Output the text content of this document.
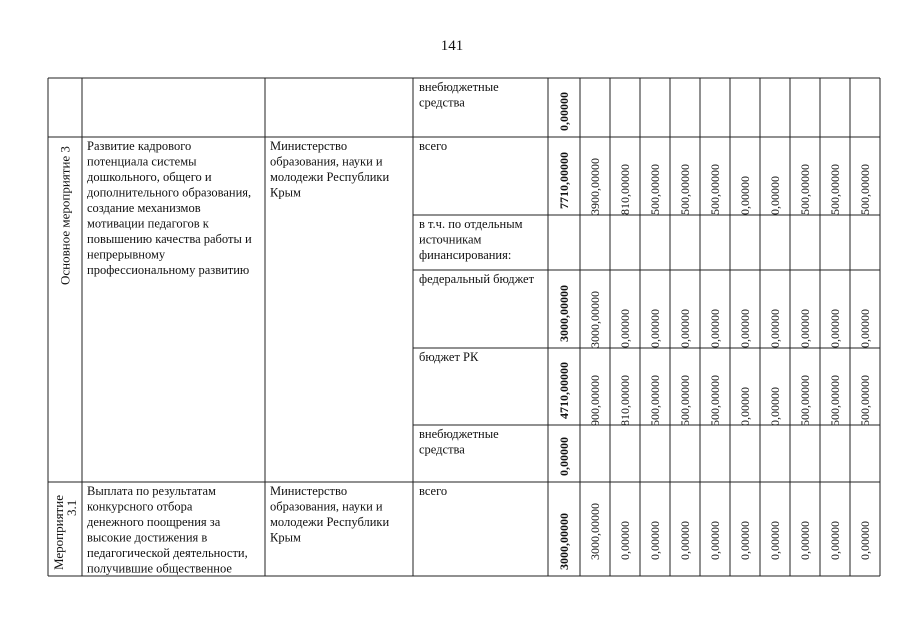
141
внебюджетные
средства	0,00000
Основное мероприятие 3
Развитие кадрового
потенциала системы
дошкольного, общего и
дополнительного образования,
создание механизмов
мотивации педагогов к
повышению качества работы и
непрерывному
профессиональному развитию
Министерство
образования, науки и
молодежи Республики
Крым
всего
7710,00000 3900,00000 810,00000 500,00000 500,00000 500,00000 0,00000 0,00000 500,00000 500,00000 500,00000
в т.ч. по отдельным
источникам
финансирования:
федеральный бюджет
3000,00000 3000,00000 0,00000 0,00000 0,00000 0,00000 0,00000 0,00000 0,00000 0,00000 0,00000
бюджет РК
4710,00000 900,00000 810,00000 500,00000 500,00000 500,00000 0,00000 0,00000 500,00000 500,00000 500,00000
внебюджетные
средства	0,00000
Мероприятие
3.1
Выплата по результатам
конкурсного отбора
денежного поощрения за
высокие достижения в
педагогической деятельности,
получившие общественное
Министерство
образования, науки и
молодежи Республики
Крым
всего
3000,00000 3000,00000 0,00000 0,00000 0,00000 0,00000 0,00000 0,00000 0,00000 0,00000 0,00000
